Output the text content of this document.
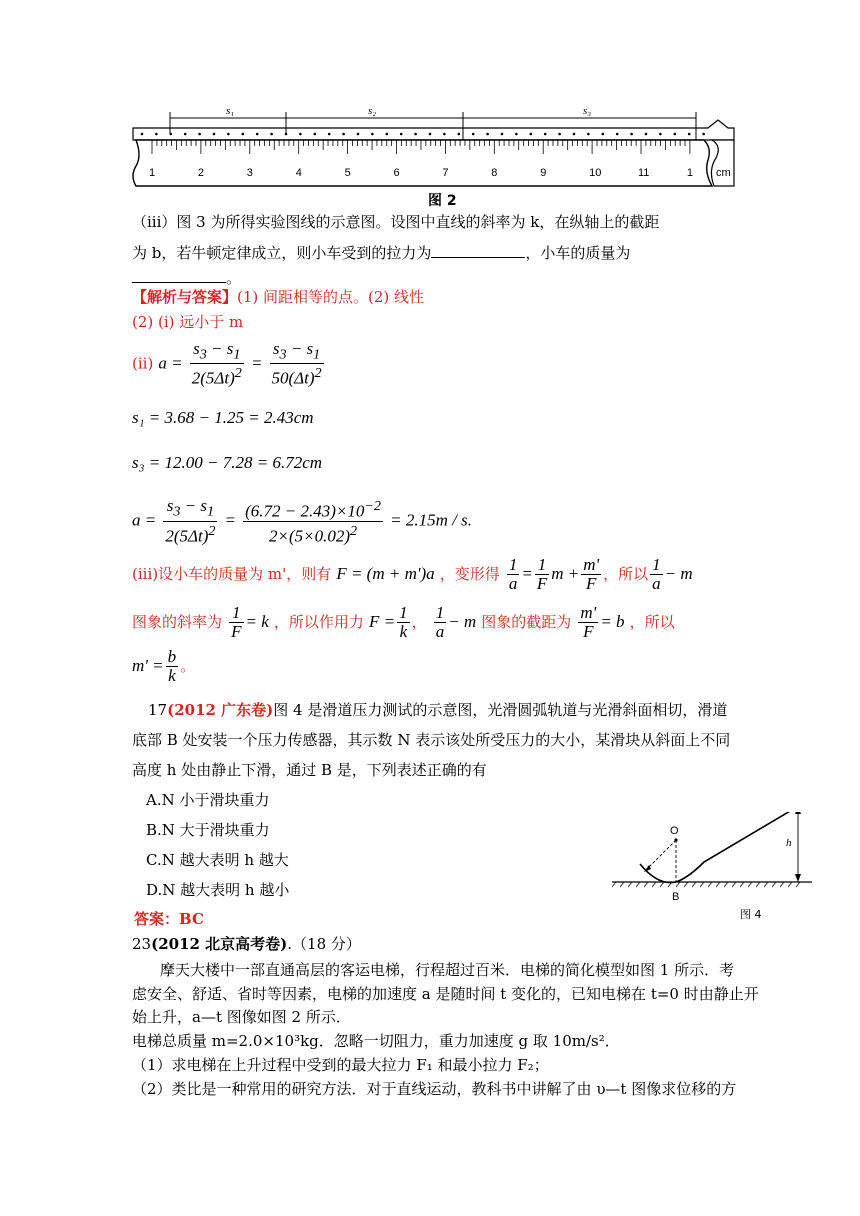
s₁	s₂	s₃
1	2	3	4	5	6	7	8	9	10	11	1 cm
图 2
（iii）图 3 为所得实验图线的示意图。设图中直线的斜率为 k，在纵轴上的截距
为 b，若牛顿定律成立，则小车受到的拉力为	，小车的质量为
。
【解析与答案】(1) 间距相等的点。(2) 线性
(2) (i) 远小于 m
(ii) $a = \frac{s_3 - s_1}{2(5\Delta t)^2} = \frac{s_3 - s_1}{50(\Delta t)^2}$
s₁ = 3.68 − 1.25 = 2.43cm
s₃ = 12.00 − 7.28 = 6.72cm
$a = \frac{s_3 - s_1}{2(5\Delta t)^2} = \frac{(6.72 - 2.43)\times 10^{-2}}{2\times(5\times 0.02)^2} = 2.15m / s$.
(iii)设小车的质量为 m'，则有 F = (m + m')a ，变形得 $\frac{1}{a} = \frac{1}{F}$ $m + \frac{m'}{F}$ ，所以 $\frac{1}{a} - m$
图象的斜率为 $\frac{1}{F} = k$ ，所以作用力 $F = \frac{1}{k}$ ， $\frac{1}{a} - m$ 图象的截距为 $\frac{m'}{F} = b$ ，所以
$m' = \frac{b}{k}$ 。
17(2012 广东卷)图 4 是滑道压力测试的示意图，光滑圆弧轨道与光滑斜面相切，滑道
底部 B 处安装一个压力传感器，其示数 N 表示该处所受压力的大小，某滑块从斜面上不同
高度 h 处由静止下滑，通过 B 是，下列表述正确的有
A.N 小于滑块重力
B.N 大于滑块重力
C.N 越大表明 h 越大
D.N 越大表明 h 越小
答案：BC
O
B
h
图 4
23(2012 北京高考卷).（18 分）
摩天大楼中一部直通高层的客运电梯，行程超过百米．电梯的简化模型如图 1 所示．考
虑安全、舒适、省时等因素，电梯的加速度 a 是随时间 t 变化的，已知电梯在 t=0 时由静止开
始上升，a—t 图像如图 2 所示．
电梯总质量 m=2.0×10³kg．忽略一切阻力，重力加速度 g 取 10m/s²．
（1）求电梯在上升过程中受到的最大拉力 F₁ 和最小拉力 F₂；
（2）类比是一种常用的研究方法．对于直线运动，教科书中讲解了由 υ—t 图像求位移的方
